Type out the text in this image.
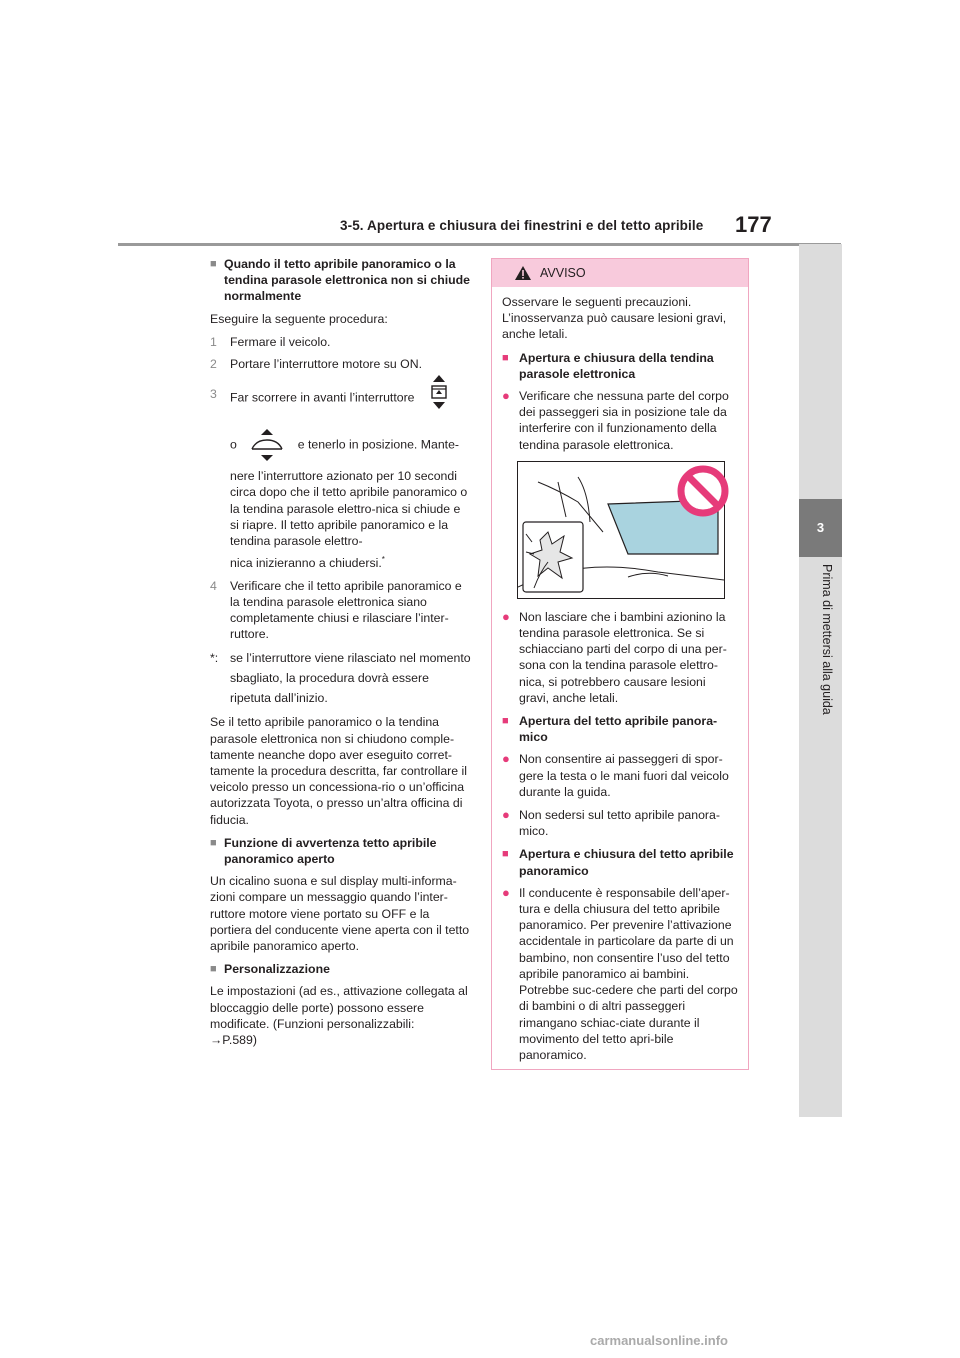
3-5. Apertura e chiusura dei finestrini e del tetto apribile 177
3
Prima di mettersi alla guida
■ Quando il tetto apribile panoramico o la tendina parasole elettronica non si chiude normalmente

Eseguire la seguente procedura:

1	Fermare il veicolo.
2	Portare l’interruttore motore su ON.
3	Far scorrere in avanti l’interruttore
o	e tenerlo in posizione. Mante-
nere l’interruttore azionato per 10 secondi circa dopo che il tetto apribile panoramico o la tendina parasole elettro-nica si chiude e si riapre. Il tetto apribile panoramico e la tendina parasole elettro-
nica inizieranno a chiudersi.*
4	Verificare che il tetto apribile panoramico e la tendina parasole elettronica siano completamente chiusi e rilasciare l’inter-ruttore.
*: se l’interruttore viene rilasciato nel momento sbagliato, la procedura dovrà essere ripetuta dall’inizio.

Se il tetto apribile panoramico o la tendina parasole elettronica non si chiudono comple-tamente neanche dopo aver eseguito corret-tamente la procedura descritta, far controllare il veicolo presso un concessiona-rio o un’officina autorizzata Toyota, o presso un’altra officina di fiducia.

■ Funzione di avvertenza tetto apribile panoramico aperto

Un cicalino suona e sul display multi-informa-zioni compare un messaggio quando l’inter-ruttore motore viene portato su OFF e la portiera del conducente viene aperta con il tetto apribile panoramico aperto.

■ Personalizzazione

Le impostazioni (ad es., attivazione collegata al bloccaggio delle porte) possono essere modificate. (Funzioni personalizzabili:
→P.589)

AVVISO

Osservare le seguenti precauzioni. L’inosservanza può causare lesioni gravi, anche letali.

■ Apertura e chiusura della tendina parasole elettronica
● Verificare che nessuna parte del corpo dei passeggeri sia in posizione tale da interferire con il funzionamento della tendina parasole elettronica.
● Non lasciare che i bambini azionino la tendina parasole elettronica. Se si schiacciano parti del corpo di una per-sona con la tendina parasole elettro-nica, si potrebbero causare lesioni gravi, anche letali.
■ Apertura del tetto apribile panora-mico
● Non consentire ai passeggeri di spor-gere la testa o le mani fuori dal veicolo durante la guida.
● Non sedersi sul tetto apribile panora-mico.
■ Apertura e chiusura del tetto apribile panoramico
● Il conducente è responsabile dell’aper-tura e della chiusura del tetto apribile panoramico. Per prevenire l’attivazione accidentale in particolare da parte di un bambino, non consentire l’uso del tetto apribile panoramico ai bambini. Potrebbe suc-cedere che parti del corpo di bambini o di altri passeggeri rimangano schiac-ciate durante il movimento del tetto apri-bile panoramico.
carmanualsonline.info
